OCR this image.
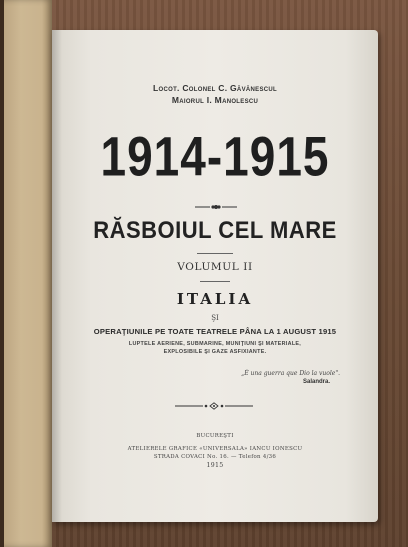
Locot. Colonel C. Găvănescul
Maiorul I. Manolescu
1914-1915
RĂSBOIUL CEL MARE
VOLUMUL II
ITALIA
ŞI
OPERAŢIUNILE PE TOATE TEATRELE PÂNA LA 1 AUGUST 1915
LUPTELE AERIENE, SUBMARINE, MUNIŢIUNI ŞI MATERIALE,
EXPLOSIBILE ŞI GAZE ASFIXIANTE.
„È una guerra que Dio la vuole".
Salandra.
BUCUREŞTI
ATELIERELE GRAFICE «UNIVERSALA» IANCU IONESCU
STRADA COVACI No. 16. — Telefon 4/36
1915
